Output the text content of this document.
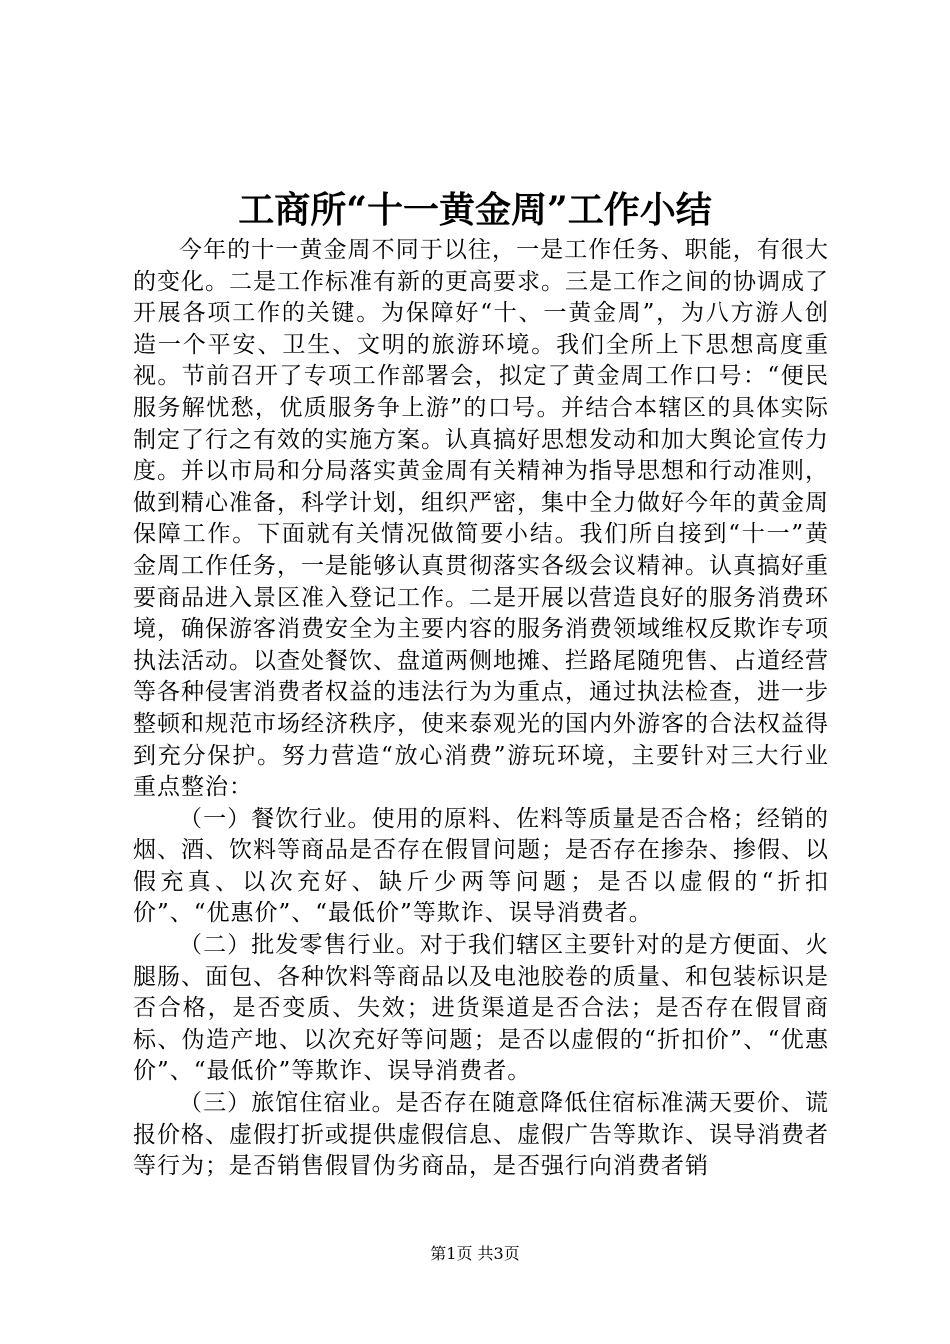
工商所“十一黄金周”工作小结

今年的十一黄金周不同于以往，一是工作任务、职能，有很大的变化。二是工作标准有新的更高要求。三是工作之间的协调成了开展各项工作的关键。为保障好“十、一黄金周”，为八方游人创造一个平安、卫生、文明的旅游环境。我们全所上下思想高度重视。节前召开了专项工作部署会，拟定了黄金周工作口号：“便民服务解忧愁，优质服务争上游”的口号。并结合本辖区的具体实际制定了行之有效的实施方案。认真搞好思想发动和加大舆论宣传力度。并以市局和分局落实黄金周有关精神为指导思想和行动准则，做到精心准备，科学计划，组织严密，集中全力做好今年的黄金周保障工作。下面就有关情况做简要小结。我们所自接到“十一”黄金周工作任务，一是能够认真贯彻落实各级会议精神。认真搞好重要商品进入景区准入登记工作。二是开展以营造良好的服务消费环境，确保游客消费安全为主要内容的服务消费领域维权反欺诈专项执法活动。以查处餐饮、盘道两侧地摊、拦路尾随兜售、占道经营等各种侵害消费者权益的违法行为为重点，通过执法检查，进一步整顿和规范市场经济秩序，使来泰观光的国内外游客的合法权益得到充分保护。努力营造“放心消费”游玩环境，主要针对三大行业重点整治：

（一）餐饮行业。使用的原料、佐料等质量是否合格；经销的烟、酒、饮料等商品是否存在假冒问题；是否存在掺杂、掺假、以假充真、以次充好、缺斤少两等问题；是否以虚假的“折扣价”、“优惠价”、“最低价”等欺诈、误导消费者。

（二）批发零售行业。对于我们辖区主要针对的是方便面、火腿肠、面包、各种饮料等商品以及电池胶卷的质量、和包装标识是否合格，是否变质、失效；进货渠道是否合法；是否存在假冒商标、伪造产地、以次充好等问题；是否以虚假的“折扣价”、“优惠价”、“最低价”等欺诈、误导消费者。

（三）旅馆住宿业。是否存在随意降低住宿标准满天要价、谎报价格、虚假打折或提供虚假信息、虚假广告等欺诈、误导消费者等行为；是否销售假冒伪劣商品，是否强行向消费者销

第1页 共3页
